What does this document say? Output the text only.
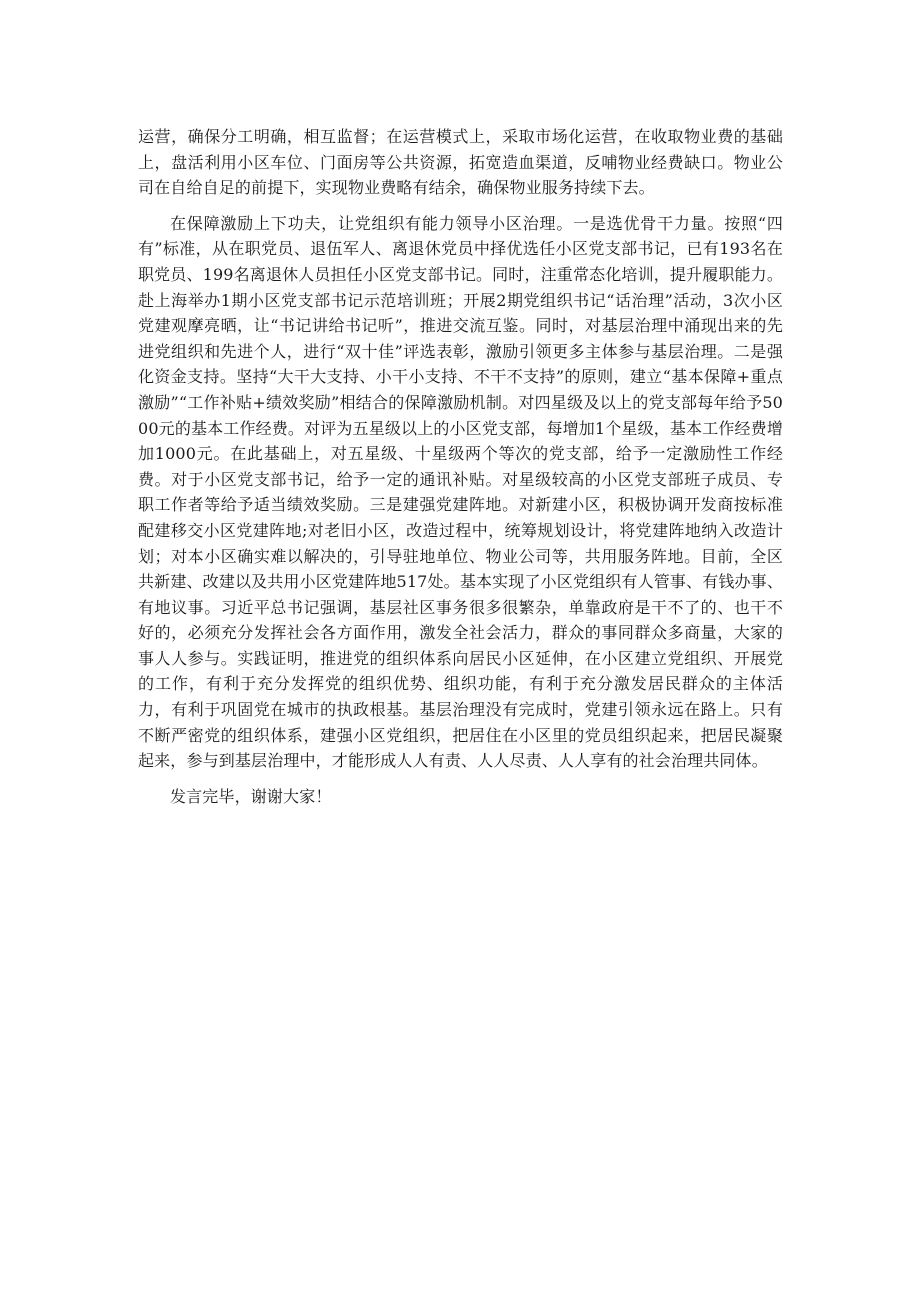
运营，确保分工明确，相互监督；在运营模式上，采取市场化运营，在收取物业费的基础上，盘活利用小区车位、门面房等公共资源，拓宽造血渠道，反哺物业经费缺口。物业公司在自给自足的前提下，实现物业费略有结余，确保物业服务持续下去。

在保障激励上下功夫，让党组织有能力领导小区治理。一是选优骨干力量。按照“四有”标准，从在职党员、退伍军人、离退休党员中择优选任小区党支部书记，已有193名在职党员、199名离退休人员担任小区党支部书记。同时，注重常态化培训，提升履职能力。赴上海举办1期小区党支部书记示范培训班；开展2期党组织书记“话治理”活动，3次小区党建观摩亮晒，让“书记讲给书记听”，推进交流互鉴。同时，对基层治理中涌现出来的先进党组织和先进个人，进行“双十佳”评选表彰，激励引领更多主体参与基层治理。二是强化资金支持。坚持“大干大支持、小干小支持、不干不支持”的原则，建立“基本保障+重点激励”“工作补贴+绩效奖励”相结合的保障激励机制。对四星级及以上的党支部每年给予5000元的基本工作经费。对评为五星级以上的小区党支部，每增加1个星级，基本工作经费增加1000元。在此基础上，对五星级、十星级两个等次的党支部，给予一定激励性工作经费。对于小区党支部书记，给予一定的通讯补贴。对星级较高的小区党支部班子成员、专职工作者等给予适当绩效奖励。三是建强党建阵地。对新建小区，积极协调开发商按标准配建移交小区党建阵地;对老旧小区，改造过程中，统筹规划设计，将党建阵地纳入改造计划；对本小区确实难以解决的，引导驻地单位、物业公司等，共用服务阵地。目前，全区共新建、改建以及共用小区党建阵地517处。基本实现了小区党组织有人管事、有钱办事、有地议事。习近平总书记强调，基层社区事务很多很繁杂，单靠政府是干不了的、也干不好的，必须充分发挥社会各方面作用，激发全社会活力，群众的事同群众多商量，大家的事人人参与。实践证明，推进党的组织体系向居民小区延伸，在小区建立党组织、开展党的工作，有利于充分发挥党的组织优势、组织功能，有利于充分激发居民群众的主体活力，有利于巩固党在城市的执政根基。基层治理没有完成时，党建引领永远在路上。只有不断严密党的组织体系，建强小区党组织，把居住在小区里的党员组织起来，把居民凝聚起来，参与到基层治理中，才能形成人人有责、人人尽责、人人享有的社会治理共同体。

发言完毕，谢谢大家！
